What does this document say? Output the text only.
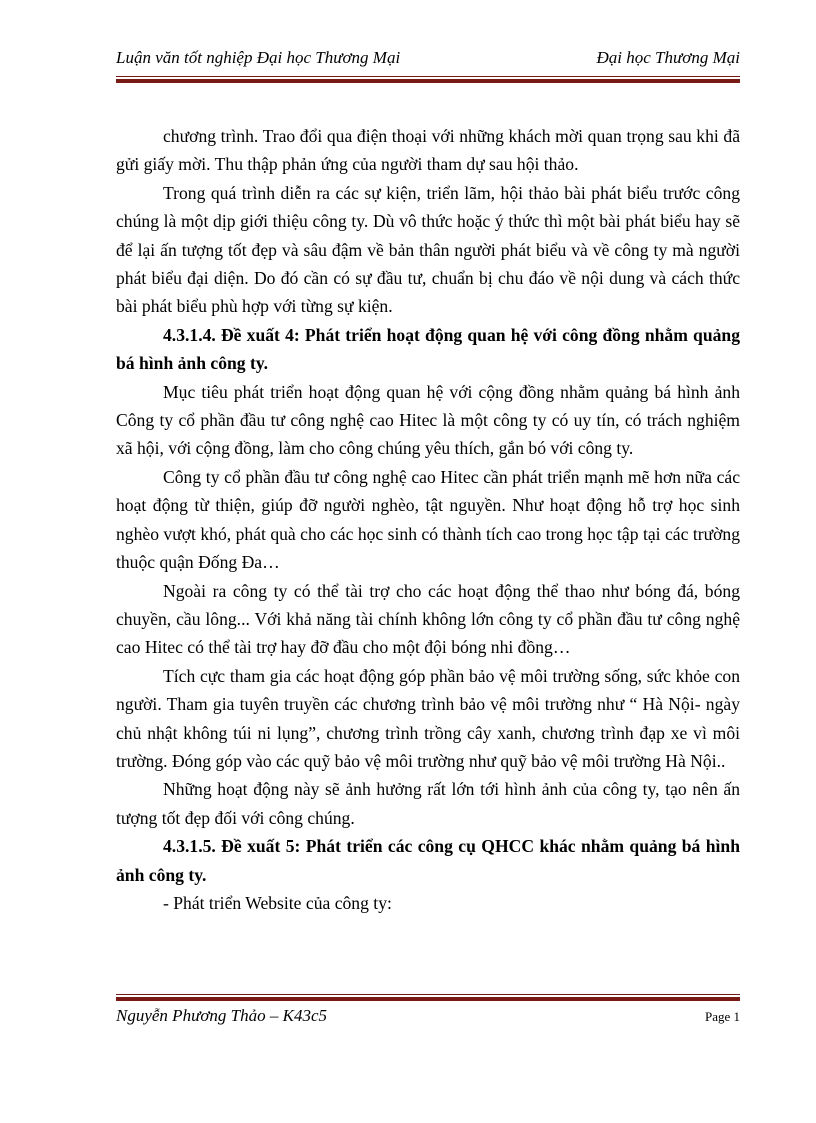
Luận văn tốt nghiệp Đại học Thương Mại	Đại học Thương Mại

chương trình. Trao đổi qua điện thoại với những khách mời quan trọng sau khi đã gửi giấy mời. Thu thập phản ứng của người tham dự sau hội thảo.

Trong quá trình diễn ra các sự kiện, triển lãm, hội thảo bài phát biểu trước công chúng là một dịp giới thiệu công ty. Dù vô thức hoặc ý thức thì một bài phát biểu hay sẽ để lại ấn tượng tốt đẹp và sâu đậm về bản thân người phát biểu và về công ty mà người phát biểu đại diện. Do đó cần có sự đầu tư, chuẩn bị chu đáo về nội dung và cách thức bài phát biểu phù hợp với từng sự kiện.

4.3.1.4. Đề xuất 4: Phát triển hoạt động quan hệ với công đồng nhằm quảng bá hình ảnh công ty.

Mục tiêu phát triển hoạt động quan hệ với cộng đồng nhằm quảng bá hình ảnh Công ty cổ phần đầu tư công nghệ cao Hitec là một công ty có uy tín, có trách nghiệm xã hội, với cộng đồng, làm cho công chúng yêu thích, gắn bó với công ty.

Công ty cổ phần đầu tư công nghệ cao Hitec cần phát triển mạnh mẽ hơn nữa các hoạt động từ thiện, giúp đỡ người nghèo, tật nguyền. Như hoạt động hỗ trợ học sinh nghèo vượt khó, phát quà cho các học sinh có thành tích cao trong học tập tại các trường thuộc quận Đống Đa…

Ngoài ra công ty có thể tài trợ cho các hoạt động thể thao như bóng đá, bóng chuyền, cầu lông... Với khả năng tài chính không lớn công ty cổ phần đầu tư công nghệ cao Hitec có thể tài trợ hay đỡ đầu cho một đội bóng nhi đồng…

Tích cực tham gia các hoạt động góp phần bảo vệ môi trường sống, sức khỏe con người. Tham gia tuyên truyền các chương trình bảo vệ môi trường như “ Hà Nội- ngày chủ nhật không túi ni lụng”, chương trình trồng cây xanh, chương trình đạp xe vì môi trường. Đóng góp vào các quỹ bảo vệ môi trường như quỹ bảo vệ môi trường Hà Nội..

Những hoạt động này sẽ ảnh hưởng rất lớn tới hình ảnh của công ty, tạo nên ấn tượng tốt đẹp đối với công chúng.

4.3.1.5. Đề xuất 5: Phát triển các công cụ QHCC khác nhằm quảng bá hình ảnh công ty.

- Phát triển Website của công ty:

Nguyễn Phương Thảo – K43c5	Page 1
